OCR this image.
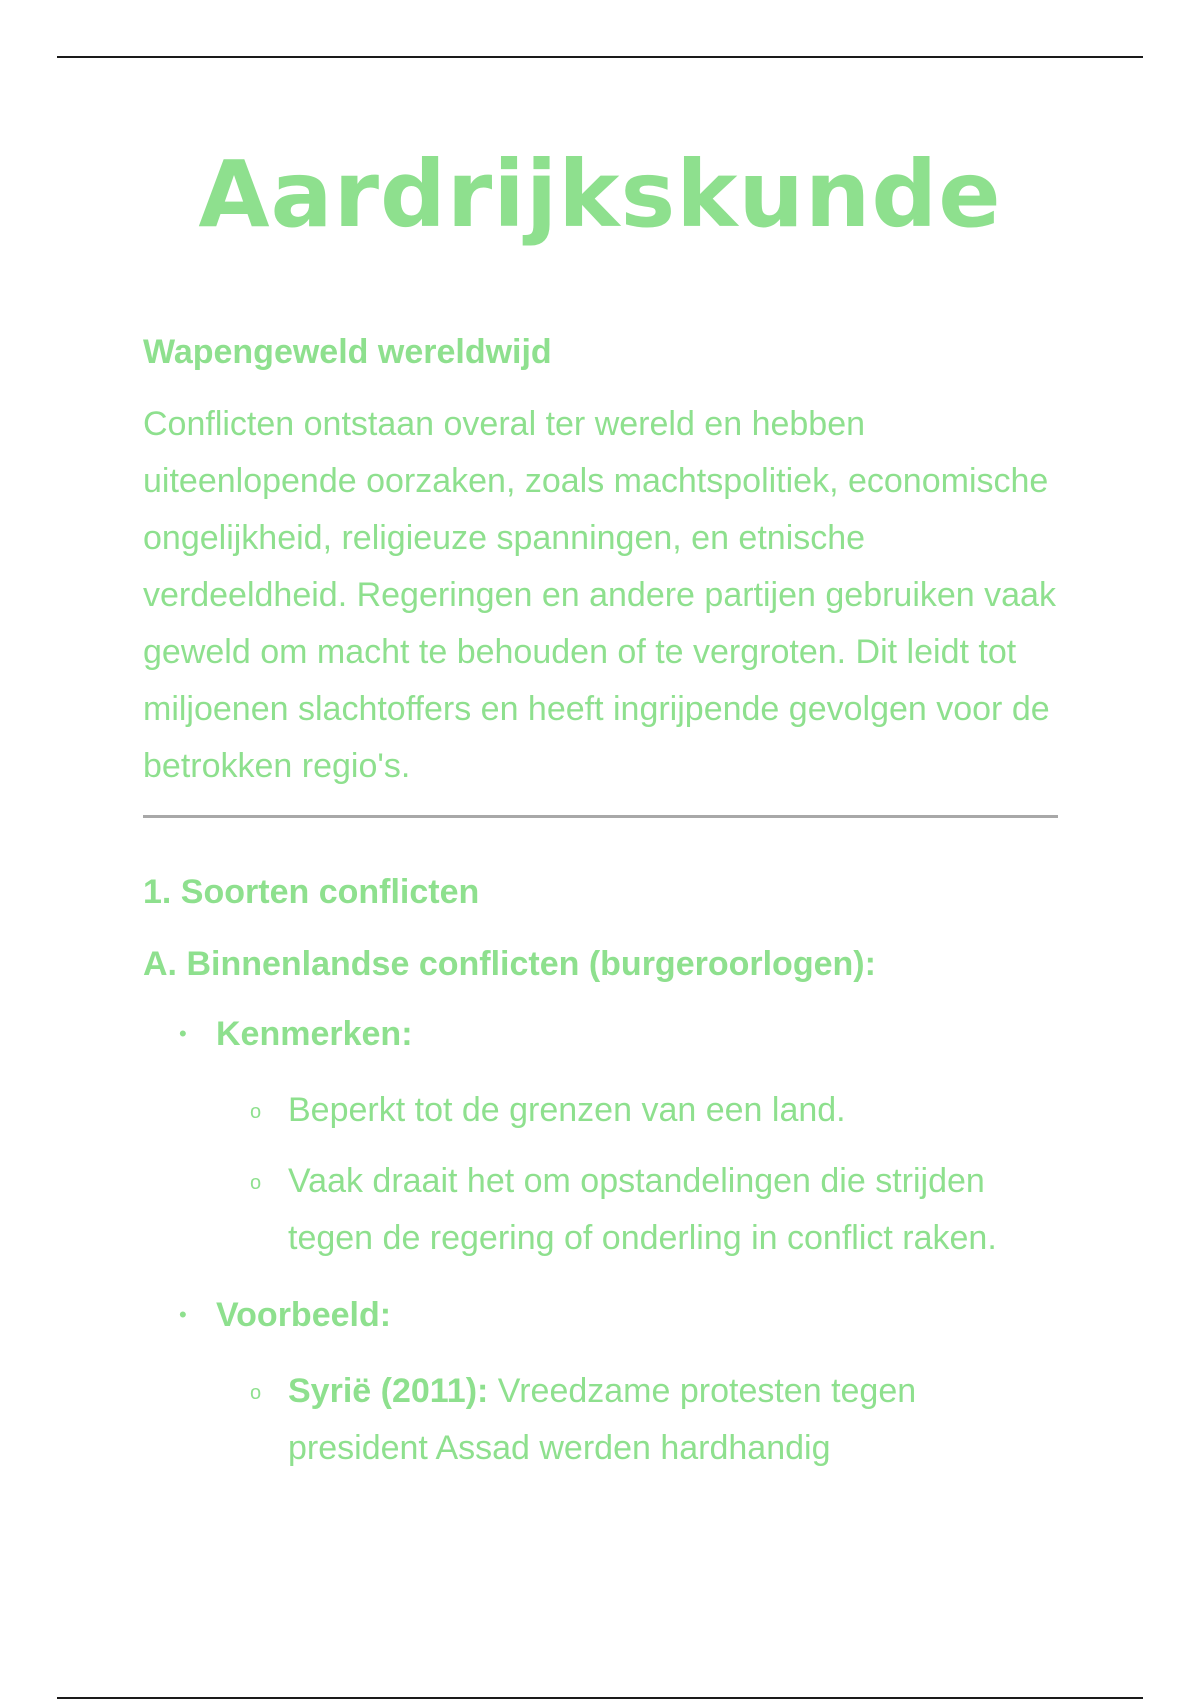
Aardrijkskunde
Wapengeweld wereldwijd

Conflicten ontstaan overal ter wereld en hebben uiteenlopende oorzaken, zoals machtspolitiek, economische ongelijkheid, religieuze spanningen, en etnische verdeeldheid. Regeringen en andere partijen gebruiken vaak geweld om macht te behouden of te vergroten. Dit leidt tot miljoenen slachtoffers en heeft ingrijpende gevolgen voor de betrokken regio's.

1. Soorten conflicten
A. Binnenlandse conflicten (burgeroorlogen):
• Kenmerken:
o Beperkt tot de grenzen van een land.
o Vaak draait het om opstandelingen die strijden tegen de regering of onderling in conflict raken.
• Voorbeeld:
o Syrië (2011): Vreedzame protesten tegen president Assad werden hardhandig
